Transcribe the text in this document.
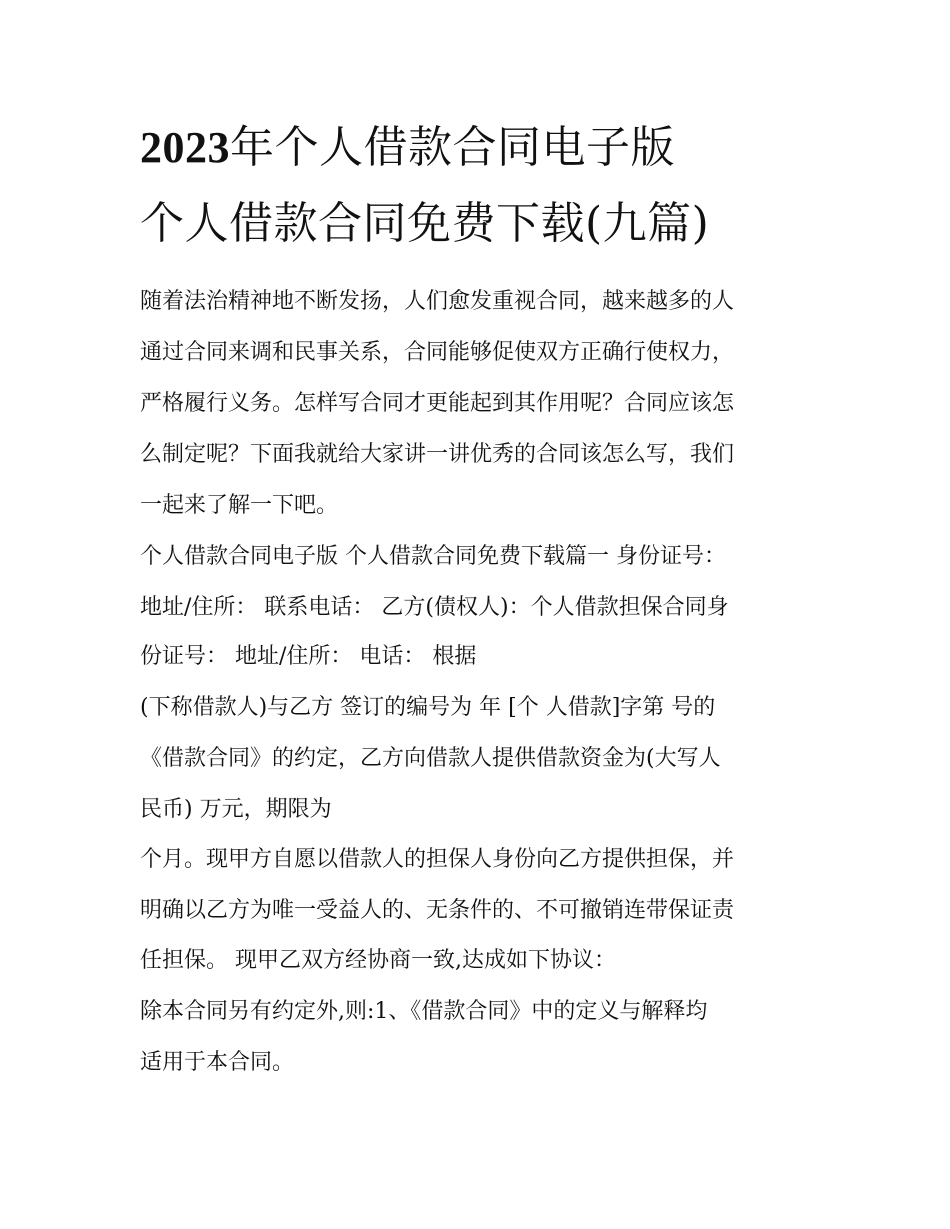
2023年个人借款合同电子版
个人借款合同免费下载(九篇)
随着法治精神地不断发扬，人们愈发重视合同，越来越多的人
通过合同来调和民事关系，合同能够促使双方正确行使权力，
严格履行义务。怎样写合同才更能起到其作用呢？合同应该怎
么制定呢？下面我就给大家讲一讲优秀的合同该怎么写，我们
一起来了解一下吧。
个人借款合同电子版 个人借款合同免费下载篇一 身份证号：
地址/住所： 联系电话： 乙方(债权人)：个人借款担保合同身
份证号： 地址/住所： 电话： 根据
(下称借款人)与乙方 签订的编号为 年 [个 人借款]字第 号的
《借款合同》的约定，乙方向借款人提供借款资金为(大写人
民币) 万元，期限为
个月。现甲方自愿以借款人的担保人身份向乙方提供担保，并
明确以乙方为唯一受益人的、无条件的、不可撤销连带保证责
任担保。 现甲乙双方经协商一致,达成如下协议：
除本合同另有约定外,则:1、《借款合同》中的定义与解释均
适用于本合同。
